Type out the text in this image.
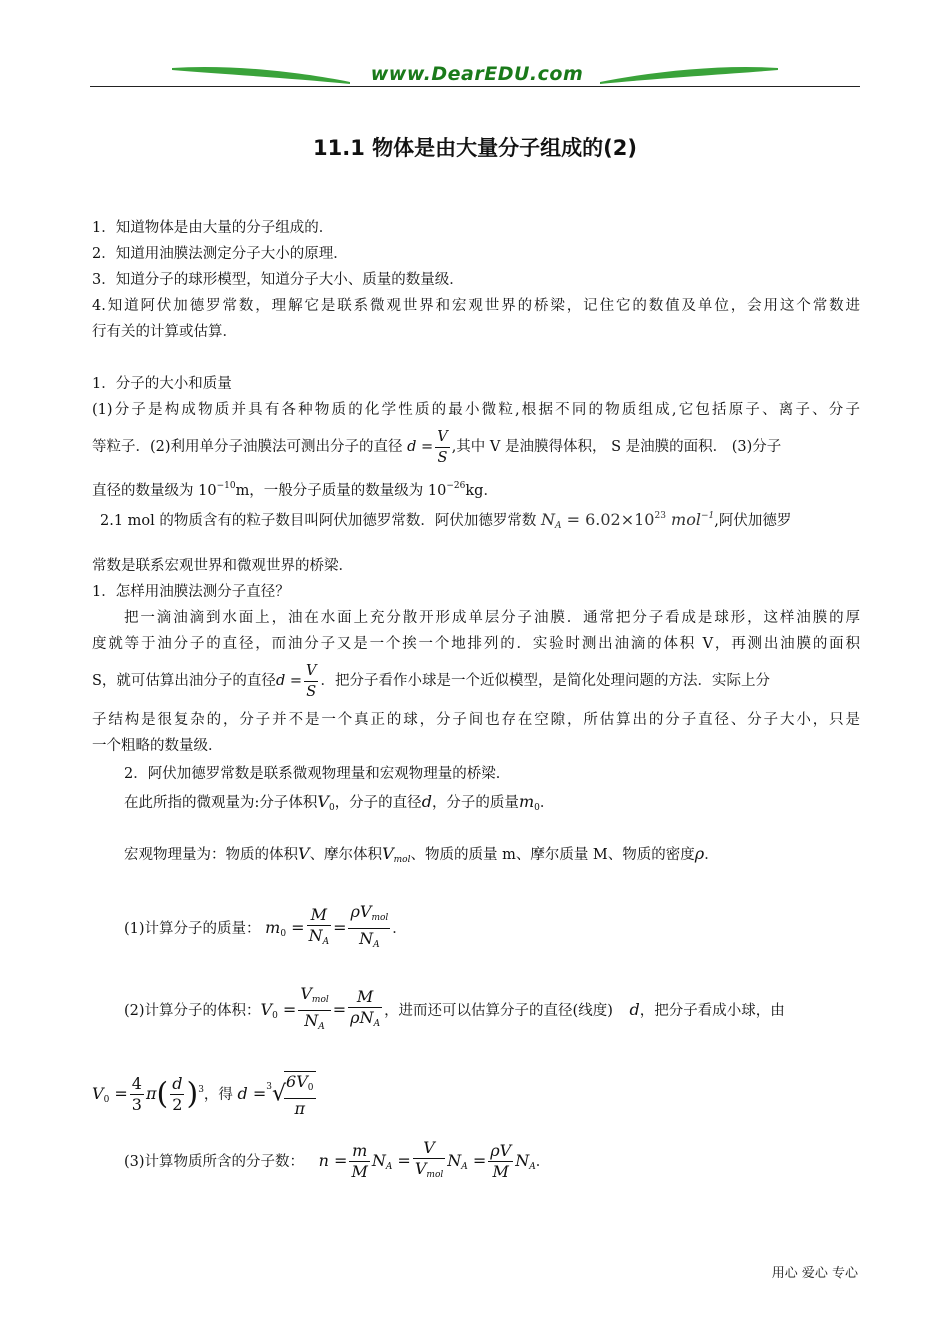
www.DearEDU.com
11.1 物体是由大量分子组成的(2)
1．知道物体是由大量的分子组成的．
2．知道用油膜法测定分子大小的原理．
3．知道分子的球形模型，知道分子大小、质量的数量级．
4.知道阿伏加德罗常数，理解它是联系微观世界和宏观世界的桥梁，记住它的数值及单位，会用这个常数进
行有关的计算或估算．
1．分子的大小和质量
(1)分子是构成物质并具有各种物质的化学性质的最小微粒,根据不同的物质组成,它包括原子、离子、分子
等粒子．(2)利用单分子油膜法可测出分子的直径 $d = \frac{V}{S}$ ,其中 V 是油膜得体积， S 是油膜的面积． (3)分子
直径的数量级为 $10^{-10}m$，一般分子质量的数量级为 $10^{-26}kg$．
2.1 mol 的物质含有的粒子数目叫阿伏加德罗常数．阿伏加德罗常数 $N_A = 6.02\times 10^{23}$ mol$^{-1}$,阿伏加德罗
常数是联系宏观世界和微观世界的桥梁．
1．怎样用油膜法测分子直径？
把一滴油滴到水面上，油在水面上充分散开形成单层分子油膜．通常把分子看成是球形，这样油膜的厚
度就等于油分子的直径，而油分子又是一个挨一个地排列的．实验时测出油滴的体积 V，再测出油膜的面积
S，就可估算出油分子的直径$d = \frac{V}{S}$ ．把分子看作小球是一个近似模型，是简化处理问题的方法．实际上分
子结构是很复杂的，分子并不是一个真正的球，分子间也存在空隙，所估算出的分子直径、分子大小，只是
一个粗略的数量级．
2．阿伏加德罗常数是联系微观物理量和宏观物理量的桥梁．
在此所指的微观量为:分子体积$V_0$，分子的直径d，分子的质量$m_0$．
宏观物理量为：物质的体积V、摩尔体积$V_{mol}$、物质的质量 m、摩尔质量 M、物质的密度ρ．
(1)计算分子的质量： $m_0 = \frac{M}{N_A} = \frac{\rho V_{mol}}{N_A}$ ．
(2)计算分子的体积：$V_0 = \frac{V_{mol}}{N_A} = \frac{M}{\rho N_A}$ ，进而还可以估算分子的直径(线度) d，把分子看成小球，由
$V_0 = \frac{4}{3} \pi( \frac{d}{2} )^3$，得 d =$^3$√
$\frac{6V_0}{\pi}$
(3)计算物质所含的分子数： $n = \frac{m}{M} N_A = \frac{V}{V_{mol}} N_A = \frac{\rho V}{M} N_A$．
用心 爱心 专心
